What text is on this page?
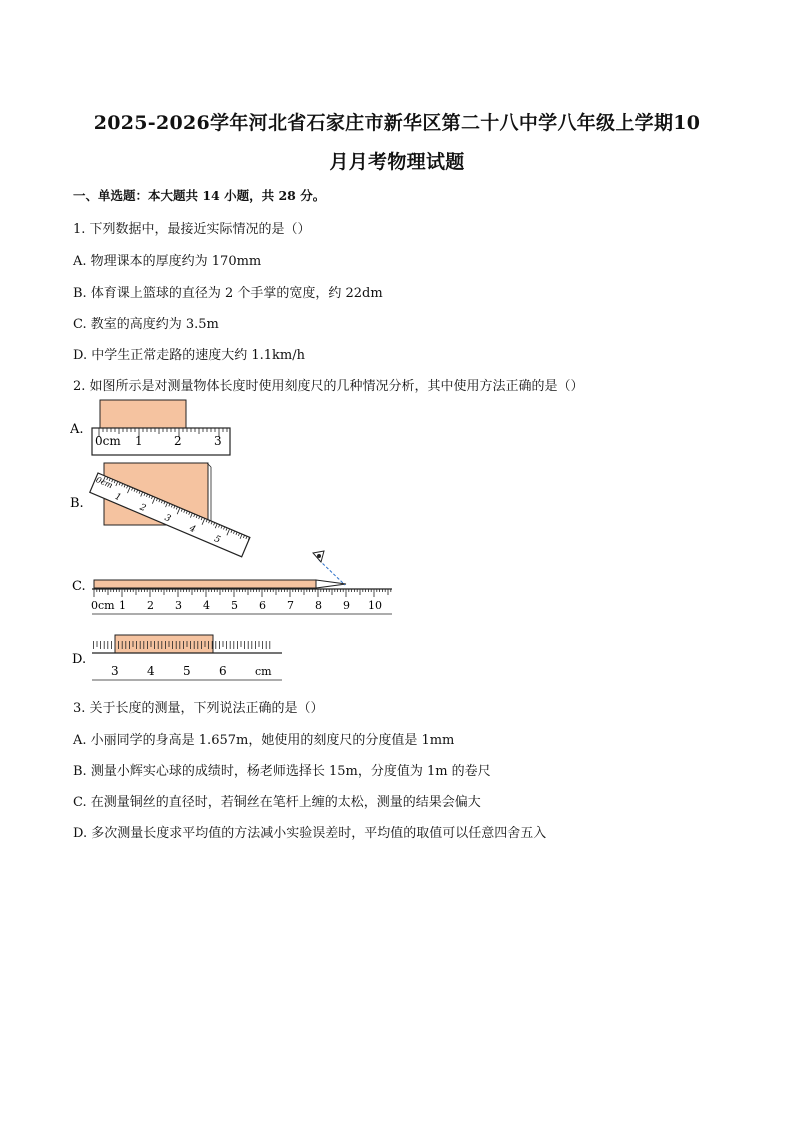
2025-2026学年河北省石家庄市新华区第二十八中学八年级上学期10
月月考物理试题
一、单选题：本大题共 14 小题，共 28 分。
1. 下列数据中，最接近实际情况的是（）
A. 物理课本的厚度约为 170mm
B. 体育课上篮球的直径为 2 个手掌的宽度，约 22dm
C. 教室的高度约为 3.5m
D. 中学生正常走路的速度大约 1.1km/h
2. 如图所示是对测量物体长度时使用刻度尺的几种情况分析，其中使用方法正确的是（）
A.
0cm 1	2	3
B.
0cm
1
2
3
4
5
C.
0cm 1 2 3 4 5 6 7 8 9 10
D.
3 4 5 6	cm
3. 关于长度的测量，下列说法正确的是（）
A. 小丽同学的身高是 1.657m，她使用的刻度尺的分度值是 1mm
B. 测量小辉实心球的成绩时，杨老师选择长 15m，分度值为 1m 的卷尺
C. 在测量铜丝的直径时，若铜丝在笔杆上缠的太松，测量的结果会偏大
D. 多次测量长度求平均值的方法减小实验误差时，平均值的取值可以任意四舍五入
